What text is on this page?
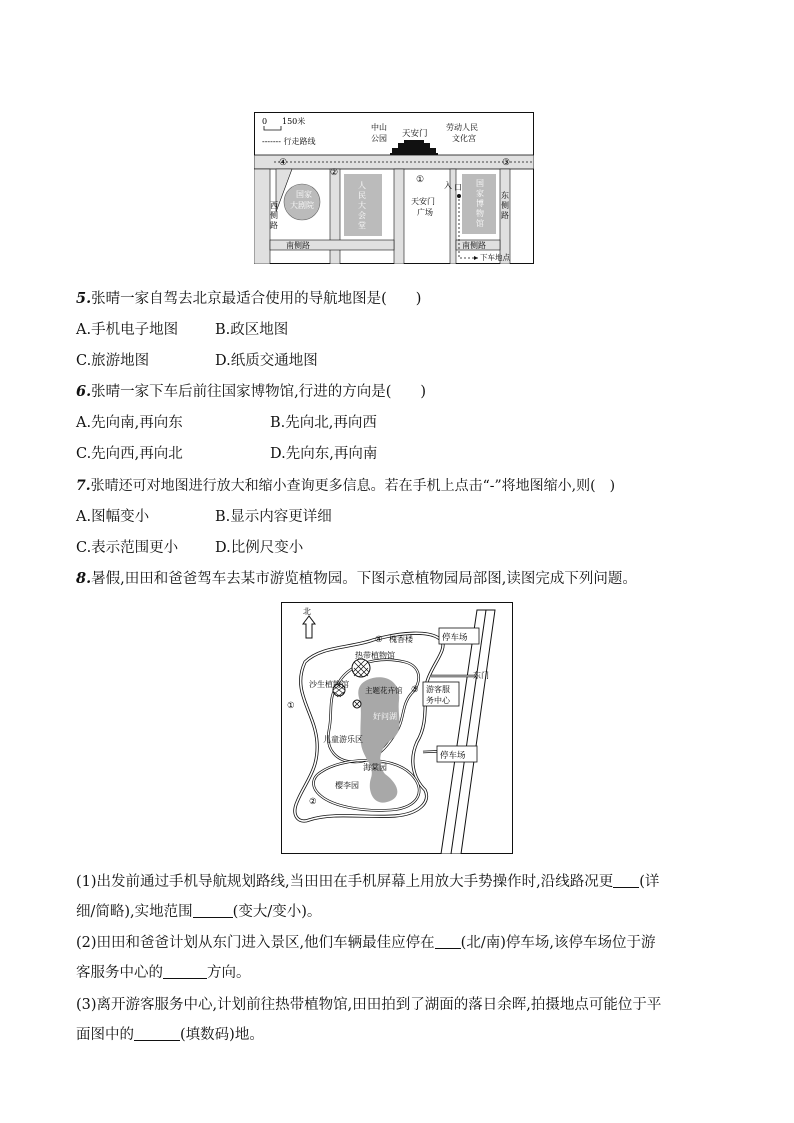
0 150米
------- 行走路线
中山
公园 天安门
劳动人民
文化宫
国家
大剧院
西
侧
路
人
民
大
会
堂
天安门
广场
入 口 国
家
博
物
馆
东
侧
路
南侧路	南侧路
下车地点
④
②
①
③
5.张晴一家自驾去北京最适合使用的导航地图是(　　)
A.手机电子地图	B.政区地图
C.旅游地图	D.纸质交通地图
6.张晴一家下车后前往国家博物馆,行进的方向是(　　)
A.先向南,再向东	B.先向北,再向西
C.先向西,再向北	D.先向东,再向南
7.张晴还可对地图进行放大和缩小查询更多信息。若在手机上点击“-”将地图缩小,则(　)
A.图幅变小	B.显示内容更详细
C.表示范围更小	D.比例尺变小
8.暑假,田田和爸爸驾车去某市游览植物园。下图示意植物园局部图,读图完成下列问题。
北
停车场
停车场
④ 槐香楼
热带植物馆
东门
沙生植物馆
主题花卉馆 ③ 游客服
务中心
①
好问湖
儿童游乐区
海棠园
樱李园
②
(1)出发前通过手机导航规划路线,当田田在手机屏幕上用放大手势操作时,沿线路况更 (详
细/简略),实地范围	(变大/变小)。
(2)田田和爸爸计划从东门进入景区,他们车辆最佳应停在 (北/南)停车场,该停车场位于游
客服务中心的	方向。
(3)离开游客服务中心,计划前往热带植物馆,田田拍到了湖面的落日余晖,拍摄地点可能位于平
面图中的	(填数码)地。
